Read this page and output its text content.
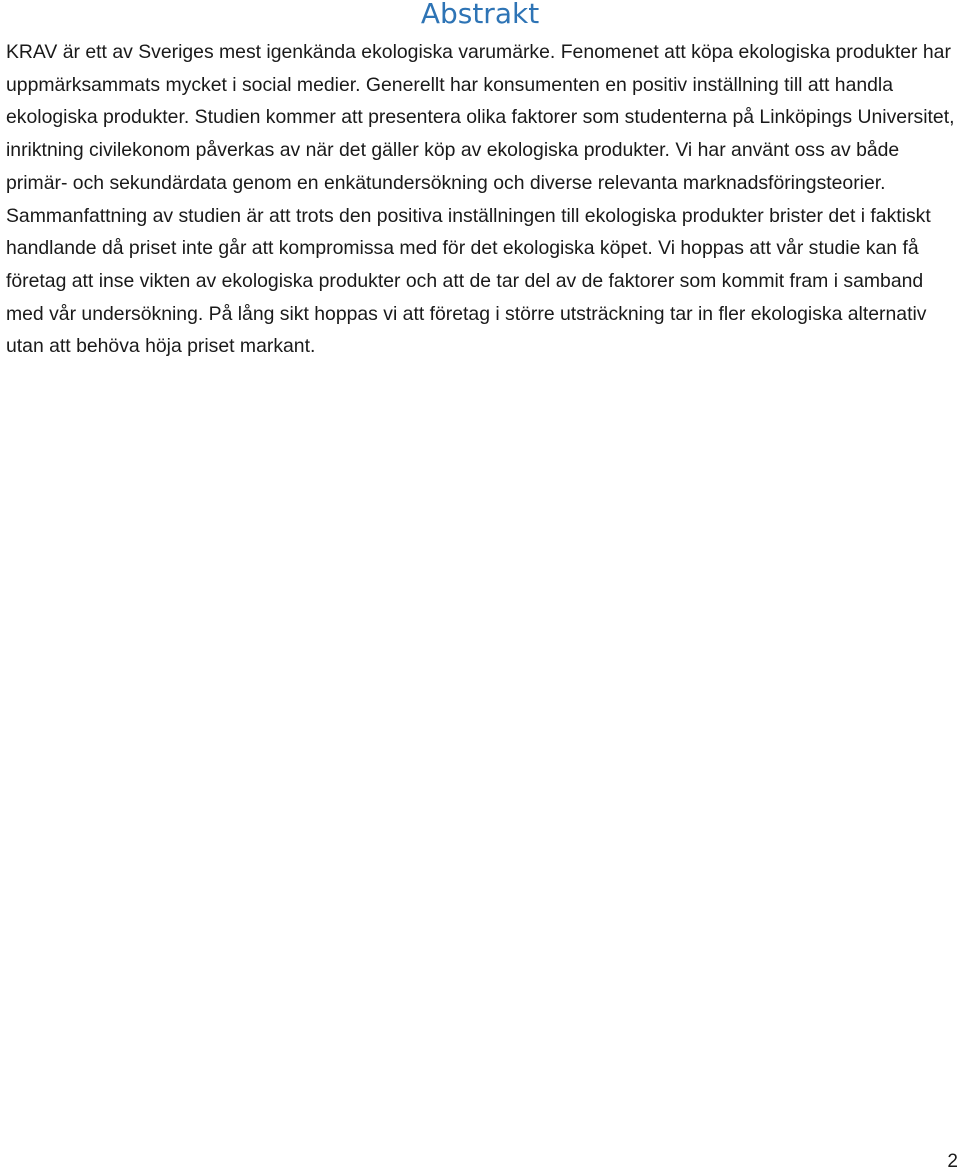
Abstrakt

KRAV är ett av Sveriges mest igenkända ekologiska varumärke. Fenomenet att köpa ekologiska produkter har uppmärksammats mycket i social medier. Generellt har konsumenten en positiv inställning till att handla ekologiska produkter. Studien kommer att presentera olika faktorer som studenterna på Linköpings Universitet, inriktning civilekonom påverkas av när det gäller köp av ekologiska produkter. Vi har använt oss av både primär- och sekundärdata genom en enkätundersökning och diverse relevanta marknadsföringsteorier. Sammanfattning av studien är att trots den positiva inställningen till ekologiska produkter brister det i faktiskt handlande då priset inte går att kompromissa med för det ekologiska köpet. Vi hoppas att vår studie kan få företag att inse vikten av ekologiska produkter och att de tar del av de faktorer som kommit fram i samband med vår undersökning. På lång sikt hoppas vi att företag i större utsträckning tar in fler ekologiska alternativ utan att behöva höja priset markant.

2
